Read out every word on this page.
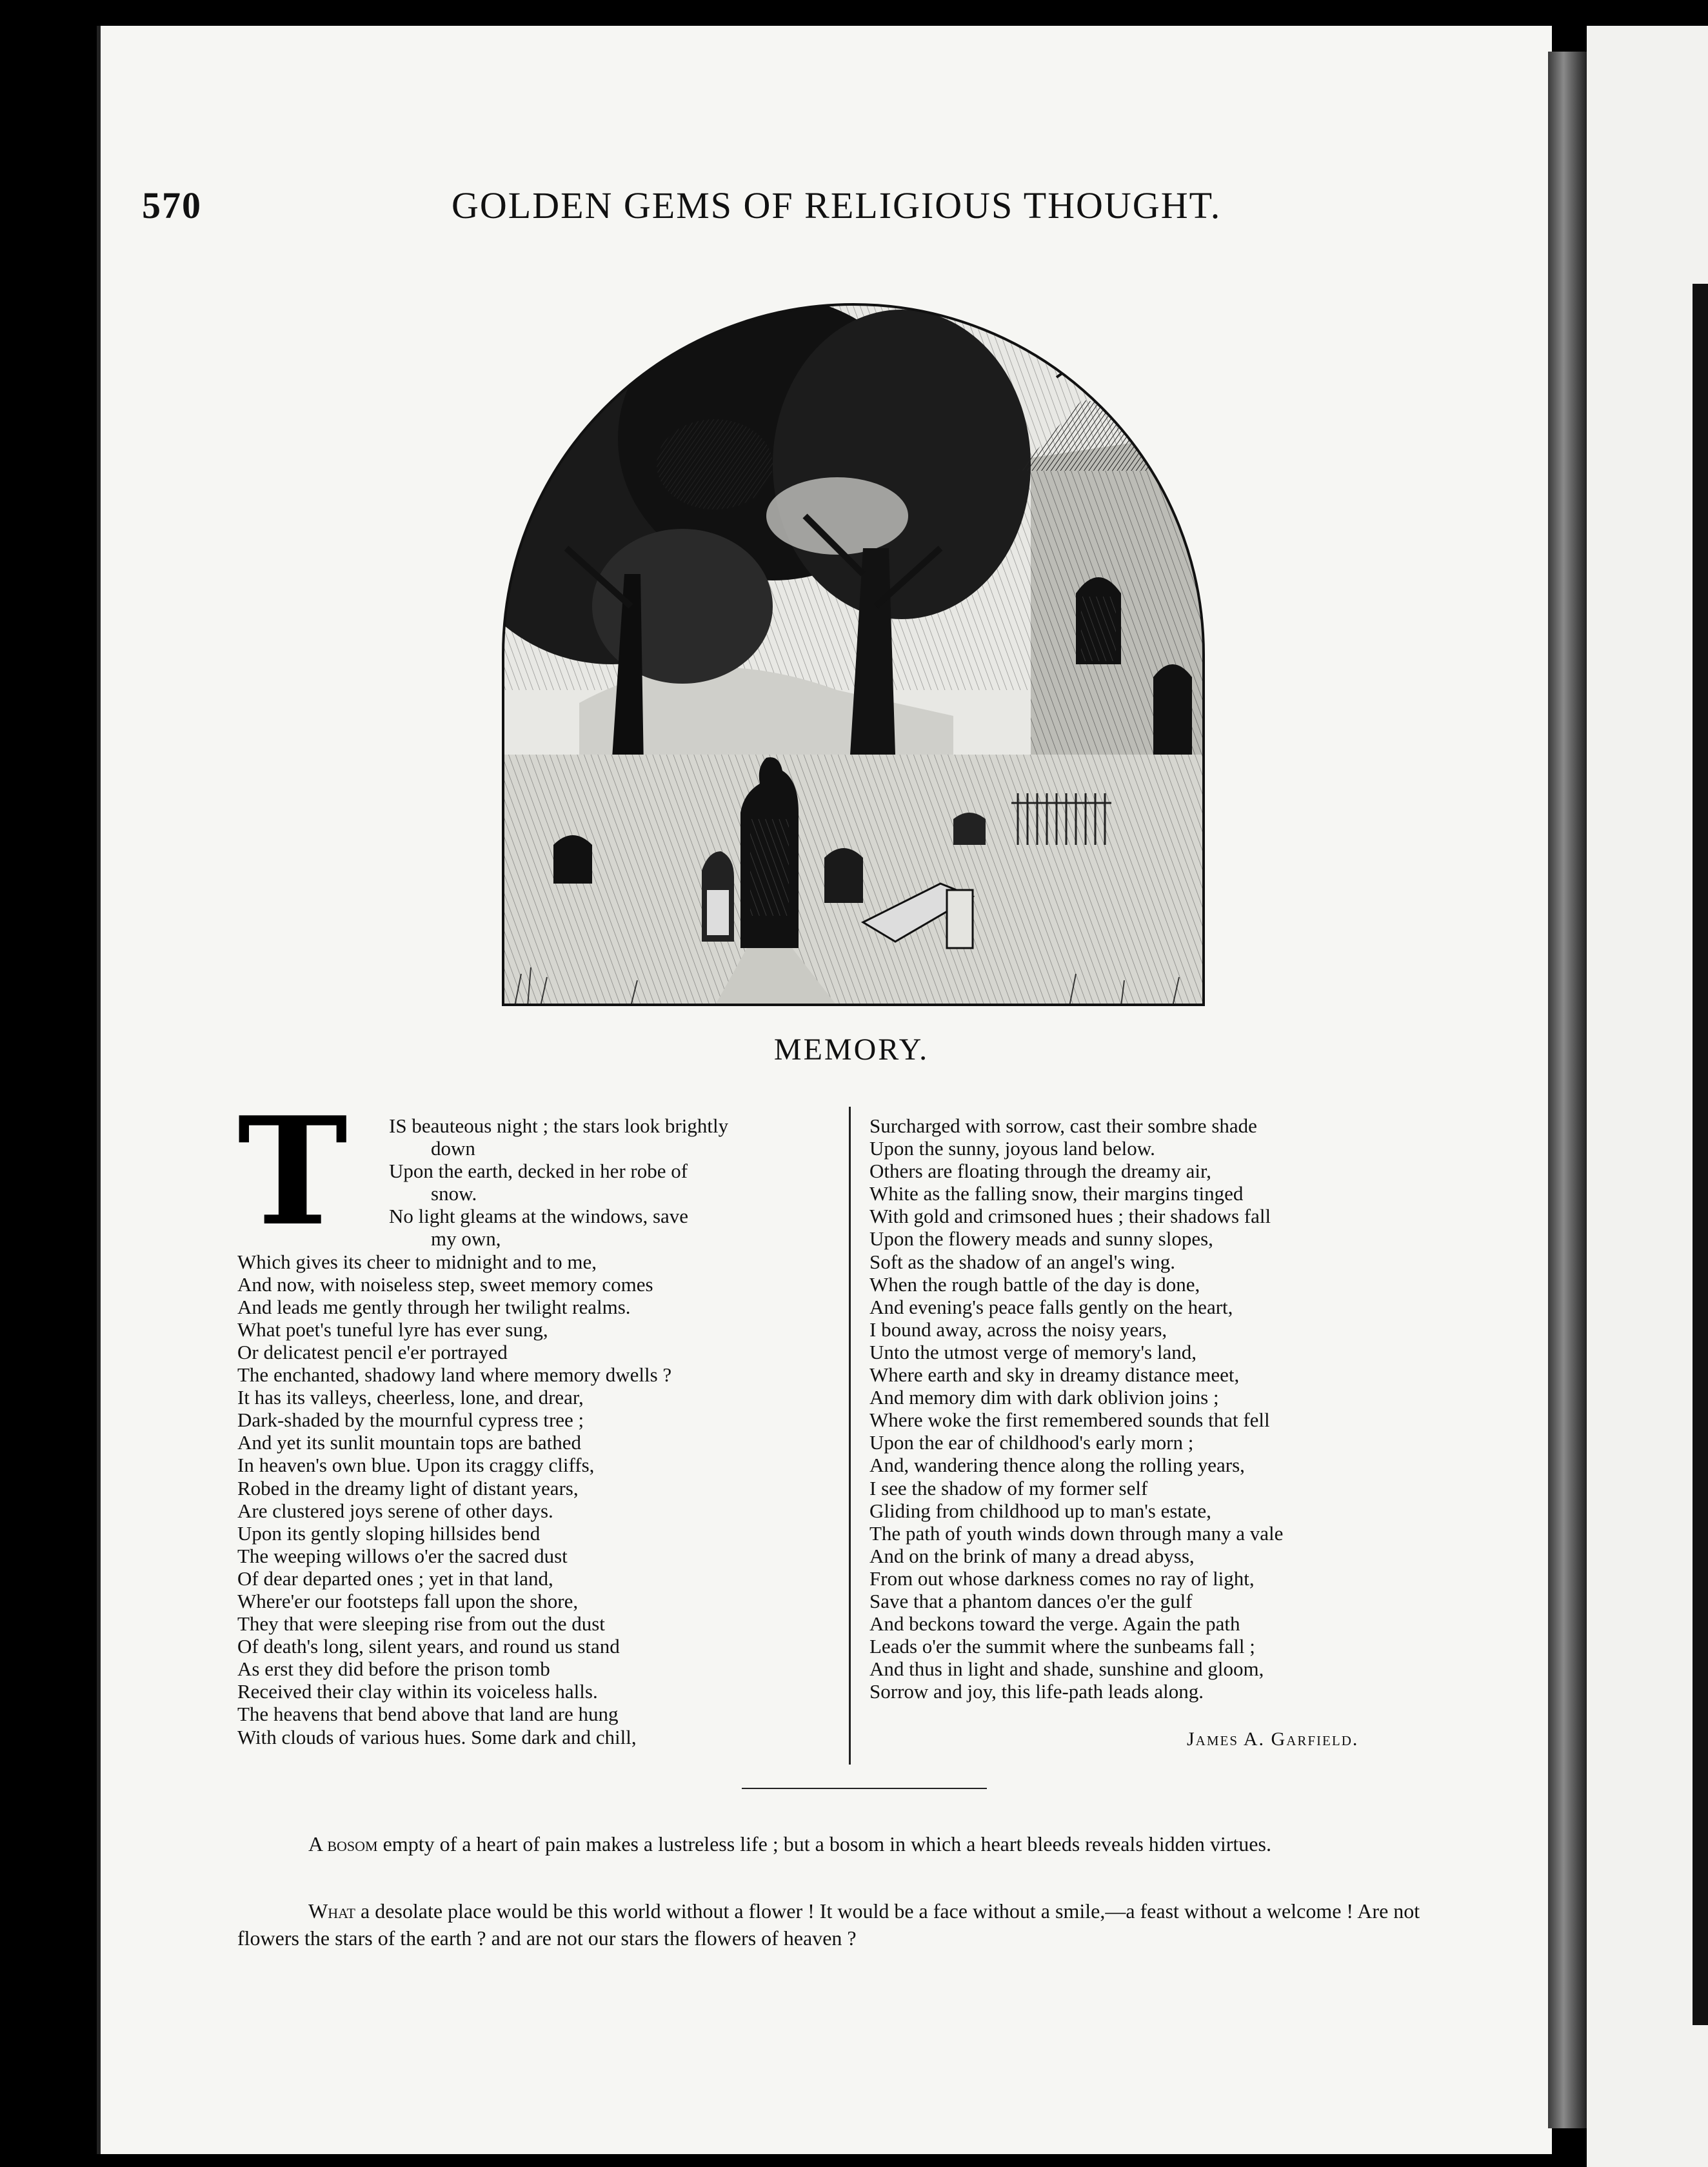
570	GOLDEN GEMS OF RELIGIOUS THOUGHT.
MEMORY.
T	IS beauteous night ; the stars look brightly
down
Upon the earth, decked in her robe of
snow.
No light gleams at the windows, save
my own,
Which gives its cheer to midnight and to me,
And now, with noiseless step, sweet memory comes
And leads me gently through her twilight realms.
What poet's tuneful lyre has ever sung,
Or delicatest pencil e'er portrayed
The enchanted, shadowy land where memory dwells ?
It has its valleys, cheerless, lone, and drear,
Dark-shaded by the mournful cypress tree ;
And yet its sunlit mountain tops are bathed
In heaven's own blue. Upon its craggy cliffs,
Robed in the dreamy light of distant years,
Are clustered joys serene of other days.
Upon its gently sloping hillsides bend
The weeping willows o'er the sacred dust
Of dear departed ones ; yet in that land,
Where'er our footsteps fall upon the shore,
They that were sleeping rise from out the dust
Of death's long, silent years, and round us stand
As erst they did before the prison tomb
Received their clay within its voiceless halls.
The heavens that bend above that land are hung
With clouds of various hues. Some dark and chill,
Surcharged with sorrow, cast their sombre shade
Upon the sunny, joyous land below.
Others are floating through the dreamy air,
White as the falling snow, their margins tinged
With gold and crimsoned hues ; their shadows fall
Upon the flowery meads and sunny slopes,
Soft as the shadow of an angel's wing.
When the rough battle of the day is done,
And evening's peace falls gently on the heart,
I bound away, across the noisy years,
Unto the utmost verge of memory's land,
Where earth and sky in dreamy distance meet,
And memory dim with dark oblivion joins ;
Where woke the first remembered sounds that fell
Upon the ear of childhood's early morn ;
And, wandering thence along the rolling years,
I see the shadow of my former self
Gliding from childhood up to man's estate,
The path of youth winds down through many a vale
And on the brink of many a dread abyss,
From out whose darkness comes no ray of light,
Save that a phantom dances o'er the gulf
And beckons toward the verge. Again the path
Leads o'er the summit where the sunbeams fall ;
And thus in light and shade, sunshine and gloom,
Sorrow and joy, this life-path leads along.
James A. Garfield.

A bosom empty of a heart of pain makes a lustreless life ; but a bosom in which a heart bleeds reveals hidden virtues.

What a desolate place would be this world without a flower ! It would be a face without a smile,—a feast without a welcome ! Are not flowers the stars of the earth ? and are not our stars the flowers of heaven ?
